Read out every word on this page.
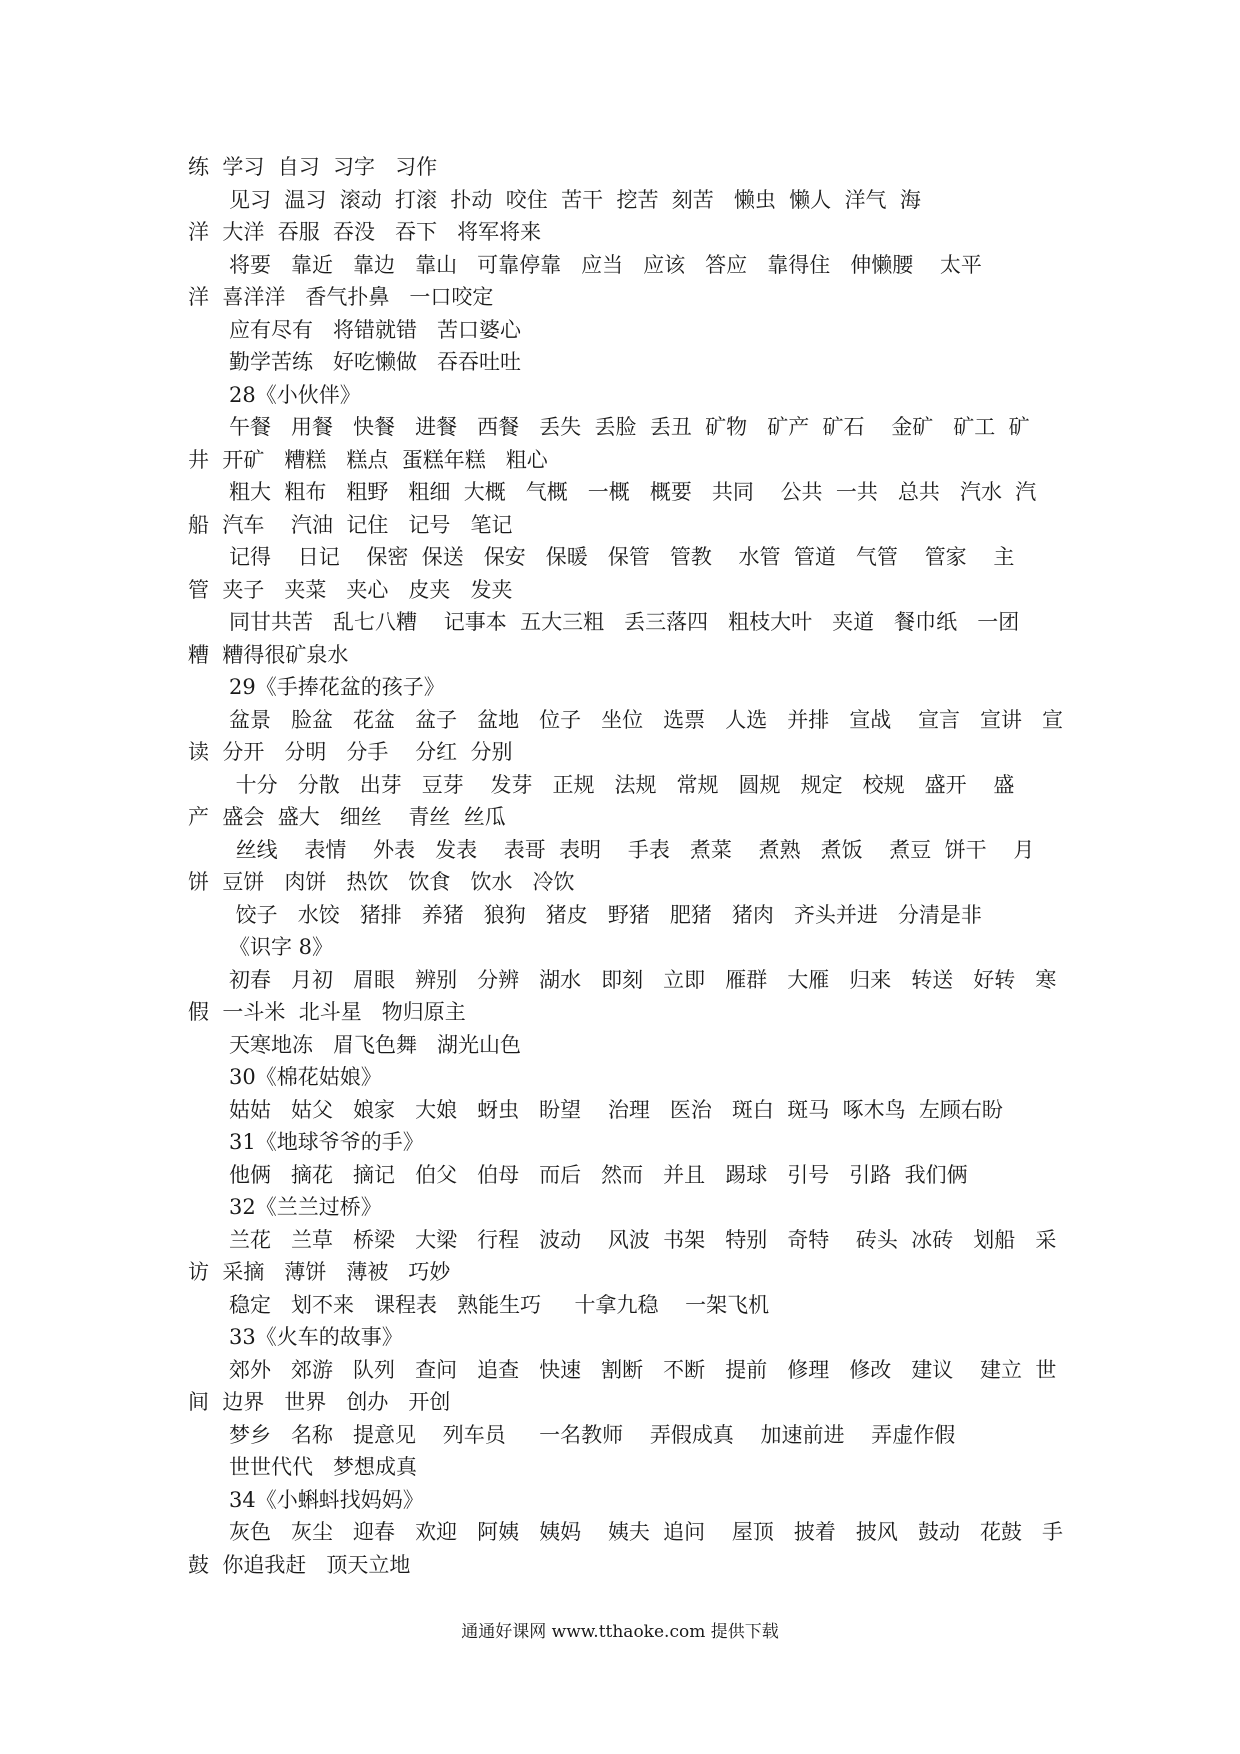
练  学习  自习  习字   习作
见习  温习  滚动  打滚  扑动  咬住  苦干  挖苦  刻苦   懒虫  懒人  洋气  海
洋  大洋  吞服  吞没   吞下   将军将来
将要   靠近   靠边   靠山   可靠停靠   应当   应该   答应   靠得住   伸懒腰    太平
洋  喜洋洋   香气扑鼻   一口咬定
应有尽有   将错就错   苦口婆心
勤学苦练   好吃懒做   吞吞吐吐
28《小伙伴》
午餐   用餐   快餐   进餐   西餐   丢失  丢脸  丢丑  矿物   矿产  矿石    金矿   矿工  矿
井  开矿   糟糕   糕点  蛋糕年糕   粗心
粗大  粗布   粗野   粗细  大概   气概   一概   概要   共同    公共  一共   总共   汽水  汽
船  汽车    汽油  记住   记号   笔记
记得    日记    保密  保送   保安   保暖   保管   管教    水管  管道   气管    管家    主
管  夹子   夹菜   夹心   皮夹   发夹
同甘共苦   乱七八糟    记事本  五大三粗   丢三落四   粗枝大叶   夹道   餐巾纸   一团
糟  糟得很矿泉水
29《手捧花盆的孩子》
盆景   脸盆   花盆   盆子   盆地   位子   坐位   选票   人选   并排   宣战    宣言   宣讲   宣
读  分开   分明   分手    分红  分别
十分   分散   出芽   豆芽    发芽   正规   法规   常规   圆规   规定   校规   盛开    盛
产  盛会  盛大   细丝    青丝  丝瓜
丝线    表情    外表   发表    表哥  表明    手表   煮菜    煮熟   煮饭    煮豆  饼干    月
饼  豆饼   肉饼   热饮   饮食   饮水   冷饮
饺子   水饺   猪排   养猪   狼狗   猪皮   野猪   肥猪   猪肉   齐头并进   分清是非
《识字 8》
初春   月初   眉眼   辨别   分辨   湖水   即刻   立即   雁群   大雁   归来   转送   好转   寒
假  一斗米  北斗星   物归原主
天寒地冻   眉飞色舞   湖光山色
30《棉花姑娘》
姑姑   姑父   娘家   大娘   蚜虫   盼望    治理   医治   斑白  斑马  啄木鸟  左顾右盼
31《地球爷爷的手》
他俩   摘花   摘记   伯父   伯母   而后   然而   并且   踢球   引号   引路  我们俩
32《兰兰过桥》
兰花   兰草   桥梁   大梁   行程   波动    风波  书架   特别   奇特    砖头  冰砖   划船   采
访  采摘   薄饼   薄被   巧妙
稳定   划不来   课程表   熟能生巧     十拿九稳    一架飞机
33《火车的故事》
郊外   郊游   队列   查问   追查   快速   割断   不断   提前   修理   修改   建议    建立  世
间  边界   世界   创办   开创
梦乡   名称   提意见    列车员     一名教师    弄假成真    加速前进    弄虚作假
世世代代   梦想成真
34《小蝌蚪找妈妈》
灰色   灰尘   迎春   欢迎   阿姨   姨妈    姨夫  追问    屋顶   披着   披风   鼓动   花鼓   手
鼓  你追我赶   顶天立地
通通好课网 www.tthaoke.com 提供下载
